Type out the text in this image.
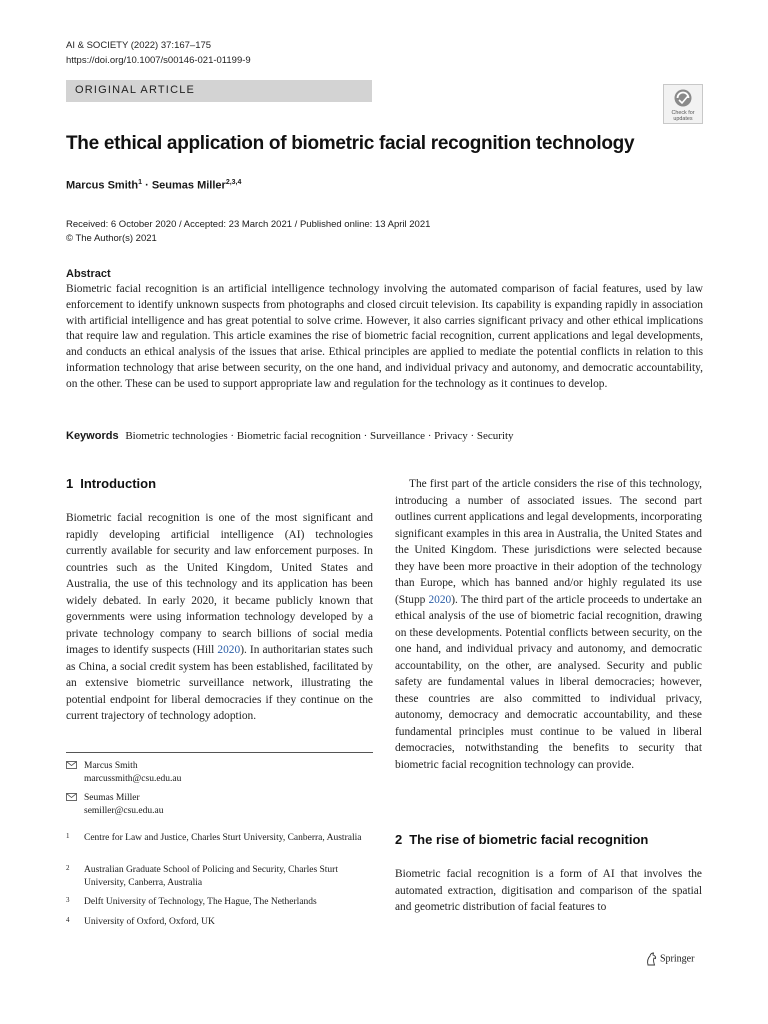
AI & SOCIETY (2022) 37:167–175
https://doi.org/10.1007/s00146-021-01199-9
ORIGINAL ARTICLE
Check for
updates
The ethical application of biometric facial recognition technology
Marcus Smith$^1$ · Seumas Miller$^{2,3,4}$
Received: 6 October 2020 / Accepted: 23 March 2021 / Published online: 13 April 2021
© The Author(s) 2021
Abstract
Biometric facial recognition is an artificial intelligence technology involving the automated comparison of facial features, used by law enforcement to identify unknown suspects from photographs and closed circuit television. Its capability is expanding rapidly in association with artificial intelligence and has great potential to solve crime. However, it also carries significant privacy and other ethical implications that require law and regulation. This article examines the rise of biometric facial recognition, current applications and legal developments, and conducts an ethical analysis of the issues that arise. Ethical principles are applied to mediate the potential conflicts in relation to this information technology that arise between security, on the one hand, and individual privacy and autonomy, and democratic accountability, on the other. These can be used to support appropriate law and regulation for the technology as it continues to develop.
Keywords Biometric technologies · Biometric facial recognition · Surveillance · Privacy · Security
1 Introduction
Biometric facial recognition is one of the most significant and rapidly developing artificial intelligence (AI) technologies currently available for security and law enforcement purposes. In countries such as the United Kingdom, United States and Australia, the use of this technology and its application has been widely debated. In early 2020, it became publicly known that governments were using information technology developed by a private technology company to search billions of social media images to identify suspects (Hill 2020). In authoritarian states such as China, a social credit system has been established, facilitated by an extensive biometric surveillance network, illustrating the potential endpoint for liberal democracies if they continue on the current trajectory of technology adoption.
The first part of the article considers the rise of this technology, introducing a number of associated issues. The second part outlines current applications and legal developments, incorporating significant examples in this area in Australia, the United States and the United Kingdom. These jurisdictions were selected because they have been more proactive in their adoption of the technology than Europe, which has banned and/or highly regulated its use (Stupp 2020). The third part of the article proceeds to undertake an ethical analysis of the use of biometric facial recognition, drawing on these developments. Potential conflicts between security, on the one hand, and individual privacy and autonomy, and democratic accountability, on the other, are analysed. Security and public safety are fundamental values in liberal democracies; however, these countries are also committed to individual privacy, autonomy, democracy and democratic accountability, and these fundamental principles must continue to be valued in liberal democracies, notwithstanding the benefits to security that biometric facial recognition technology can provide.
Marcus Smith
marcussmith@csu.edu.au
Seumas Miller
semiller@csu.edu.au
1 Centre for Law and Justice, Charles Sturt University, Canberra, Australia
2 Australian Graduate School of Policing and Security, Charles Sturt University, Canberra, Australia
3 Delft University of Technology, The Hague, The Netherlands
4 University of Oxford, Oxford, UK
2 The rise of biometric facial recognition
Biometric facial recognition is a form of AI that involves the automated extraction, digitisation and comparison of the spatial and geometric distribution of facial features to
Springer
